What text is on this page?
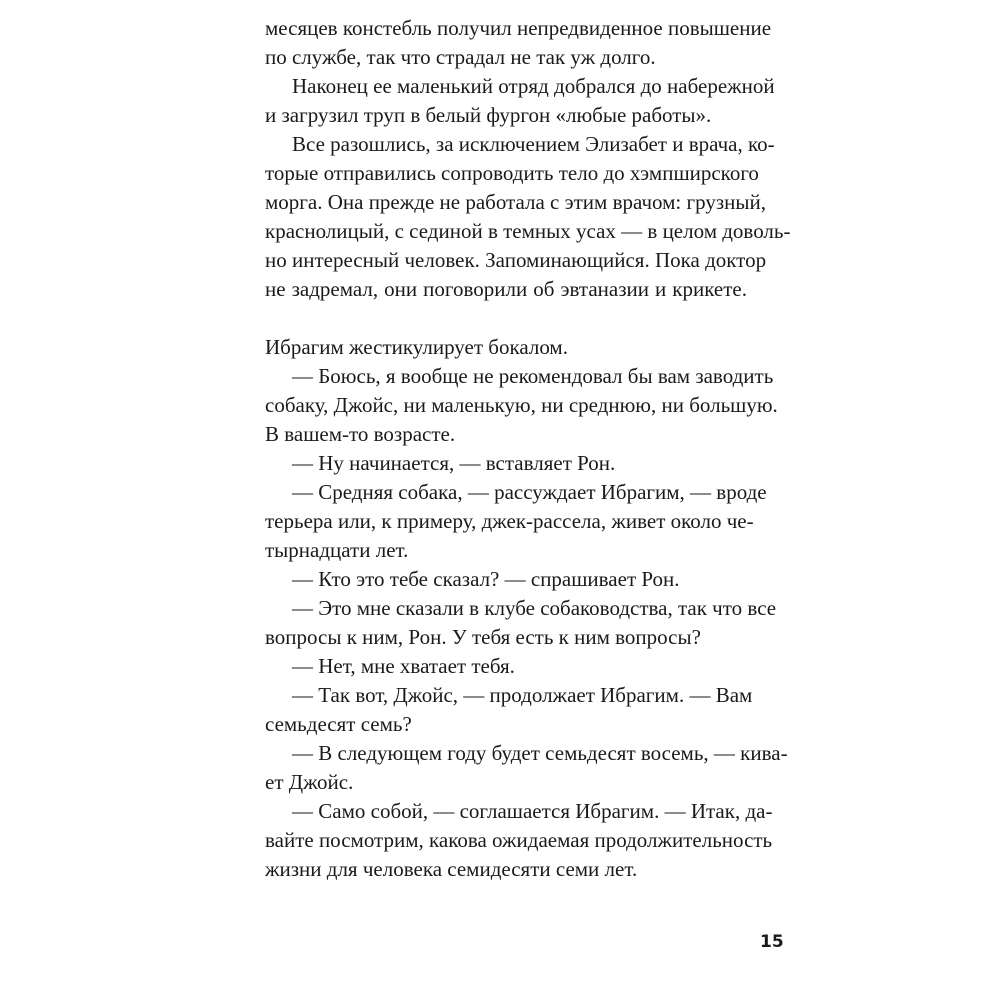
месяцев констебль получил непредвиденное повышение
по службе, так что страдал не так уж долго.
Наконец ее маленький отряд добрался до набережной
и загрузил труп в белый фургон «любые работы».
Все разошлись, за исключением Элизабет и врача, ко-
торые отправились сопроводить тело до хэмпширского
морга. Она прежде не работала с этим врачом: грузный,
краснолицый, с сединой в темных усах — в целом доволь-
но интересный человек. Запоминающийся. Пока доктор
не задремал, они поговорили об эвтаназии и крикете.
Ибрагим жестикулирует бокалом.
— Боюсь, я вообще не рекомендовал бы вам заводить
собаку, Джойс, ни маленькую, ни среднюю, ни большую.
В вашем-то возрасте.
— Ну начинается, — вставляет Рон.
— Средняя собака, — рассуждает Ибрагим, — вроде
терьера или, к примеру, джек-рассела, живет около че-
тырнадцати лет.
— Кто это тебе сказал? — спрашивает Рон.
— Это мне сказали в клубе собаководства, так что все
вопросы к ним, Рон. У тебя есть к ним вопросы?
— Нет, мне хватает тебя.
— Так вот, Джойс, — продолжает Ибрагим. — Вам
семьдесят семь?
— В следующем году будет семьдесят восемь, — кива-
ет Джойс.
— Само собой, — соглашается Ибрагим. — Итак, да-
вайте посмотрим, какова ожидаемая продолжительность
жизни для человека семидесяти семи лет.
15
